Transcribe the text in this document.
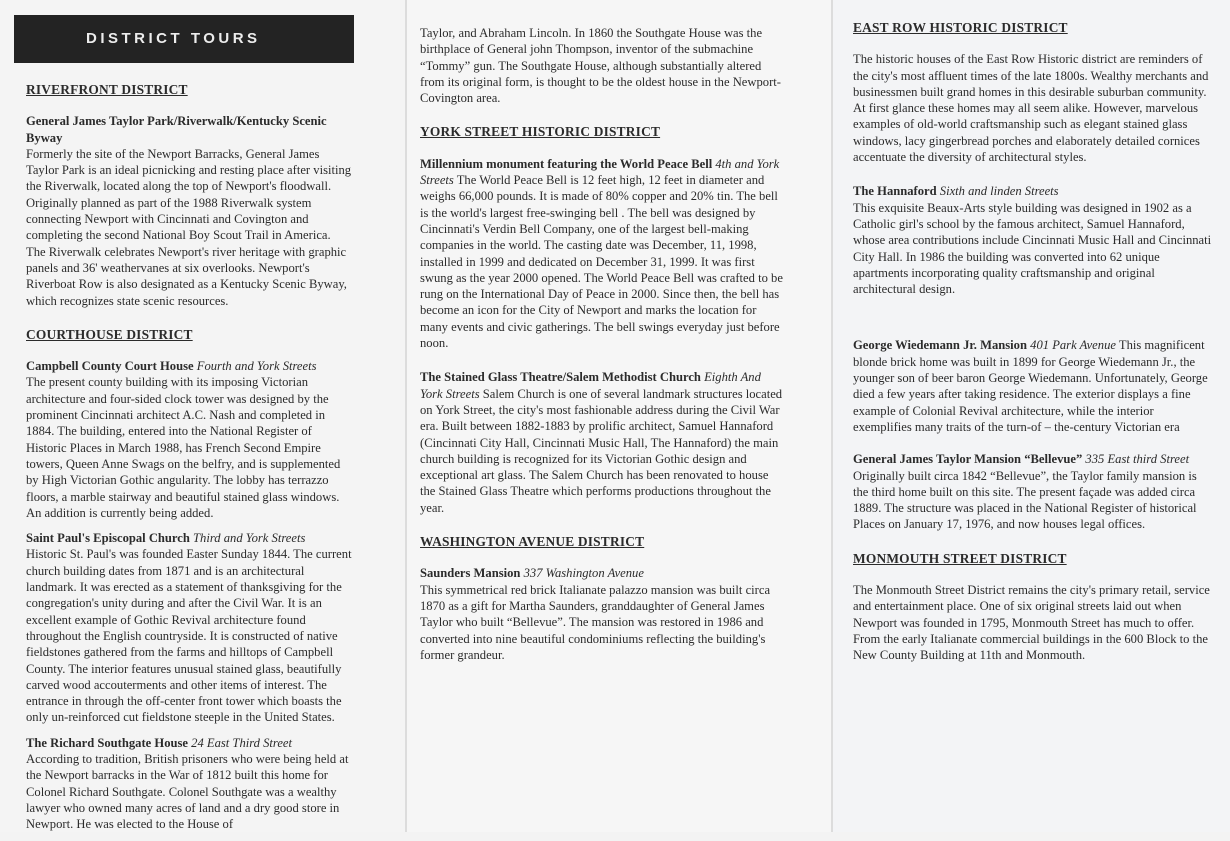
DISTRICT TOURS
RIVERFRONT DISTRICT
General James Taylor Park/Riverwalk/Kentucky Scenic Byway

Formerly the site of the Newport Barracks, General James Taylor Park is an ideal picnicking and resting place after visiting the Riverwalk, located along the top of Newport's floodwall. Originally planned as part of the 1988 Riverwalk system connecting Newport with Cincinnati and Covington and completing the second National Boy Scout Trail in America. The Riverwalk celebrates Newport's river heritage with graphic panels and 36' weathervanes at six overlooks. Newport's Riverboat Row is also designated as a Kentucky Scenic Byway, which recognizes state scenic resources.

COURTHOUSE DISTRICT
Campbell County Court House Fourth and York Streets

The present county building with its imposing Victorian architecture and four-sided clock tower was designed by the prominent Cincinnati architect A.C. Nash and completed in 1884. The building, entered into the National Register of Historic Places in March 1988, has French Second Empire towers, Queen Anne Swags on the belfry, and is supplemented by High Victorian Gothic angularity. The lobby has terrazzo floors, a marble stairway and beautiful stained glass windows. An addition is currently being added.

Saint Paul's Episcopal Church Third and York Streets

Historic St. Paul's was founded Easter Sunday 1844. The current church building dates from 1871 and is an architectural landmark. It was erected as a statement of thanksgiving for the congregation's unity during and after the Civil War. It is an excellent example of Gothic Revival architecture found throughout the English countryside. It is constructed of native fieldstones gathered from the farms and hilltops of Campbell County. The interior features unusual stained glass, beautifully carved wood accouterments and other items of interest. The entrance in through the off-center front tower which boasts the only un-reinforced cut fieldstone steeple in the United States.

The Richard Southgate House 24 East Third Street

According to tradition, British prisoners who were being held at the Newport barracks in the War of 1812 built this home for Colonel Richard Southgate. Colonel Southgate was a wealthy lawyer who owned many acres of land and a dry good store in Newport. He was elected to the House of

Taylor, and Abraham Lincoln. In 1860 the Southgate House was the birthplace of General john Thompson, inventor of the submachine “Tommy” gun. The Southgate House, although substantially altered from its original form, is thought to be the oldest house in the Newport-Covington area.

YORK STREET HISTORIC DISTRICT
Millennium monument featuring the World Peace Bell 4th and York Streets The World Peace Bell is 12 feet high, 12 feet in diameter and weighs 66,000 pounds. It is made of 80% copper and 20% tin. The bell is the world's largest free-swinging bell . The bell was designed by Cincinnati's Verdin Bell Company, one of the largest bell-making companies in the world. The casting date was December, 11, 1998, installed in 1999 and dedicated on December 31, 1999. It was first swung as the year 2000 opened. The World Peace Bell was crafted to be rung on the International Day of Peace in 2000. Since then, the bell has become an icon for the City of Newport and marks the location for many events and civic gatherings. The bell swings everyday just before noon.
The Stained Glass Theatre/Salem Methodist Church Eighth And York Streets Salem Church is one of several landmark structures located on York Street, the city's most fashionable address during the Civil War era. Built between 1882-1883 by prolific architect, Samuel Hannaford (Cincinnati City Hall, Cincinnati Music Hall, The Hannaford) the main church building is recognized for its Victorian Gothic design and exceptional art glass. The Salem Church has been renovated to house the Stained Glass Theatre which performs productions throughout the year.
WASHINGTON AVENUE DISTRICT
Saunders Mansion 337 Washington Avenue

This symmetrical red brick Italianate palazzo mansion was built circa 1870 as a gift for Martha Saunders, granddaughter of General James Taylor who built “Bellevue”. The mansion was restored in 1986 and converted into nine beautiful condominiums reflecting the building's former grandeur.

EAST ROW HISTORIC DISTRICT

The historic houses of the East Row Historic district are reminders of the city's most affluent times of the late 1800s. Wealthy merchants and businessmen built grand homes in this desirable suburban community. At first glance these homes may all seem alike. However, marvelous examples of old-world craftsmanship such as elegant stained glass windows, lacy gingerbread porches and elaborately detailed cornices accentuate the diversity of architectural styles.

The Hannaford Sixth and linden Streets

This exquisite Beaux-Arts style building was designed in 1902 as a Catholic girl's school by the famous architect, Samuel Hannaford, whose area contributions include Cincinnati Music Hall and Cincinnati City Hall. In 1986 the building was converted into 62 unique apartments incorporating quality craftsmanship and original architectural design.

George Wiedemann Jr. Mansion 401 Park Avenue This magnificent blonde brick home was built in 1899 for George Wiedemann Jr., the younger son of beer baron George Wiedemann. Unfortunately, George died a few years after taking residence. The exterior displays a fine example of Colonial Revival architecture, while the interior exemplifies many traits of the turn-of – the-century Victorian era
General James Taylor Mansion “Bellevue” 335 East third Street

Originally built circa 1842 “Bellevue”, the Taylor family mansion is the third home built on this site. The present façade was added circa 1889. The structure was placed in the National Register of historical Places on January 17, 1976, and now houses legal offices.

MONMOUTH STREET DISTRICT

The Monmouth Street District remains the city's primary retail, service and entertainment place. One of six original streets laid out when Newport was founded in 1795, Monmouth Street has much to offer. From the early Italianate commercial buildings in the 600 Block to the New County Building at 11th and Monmouth.
